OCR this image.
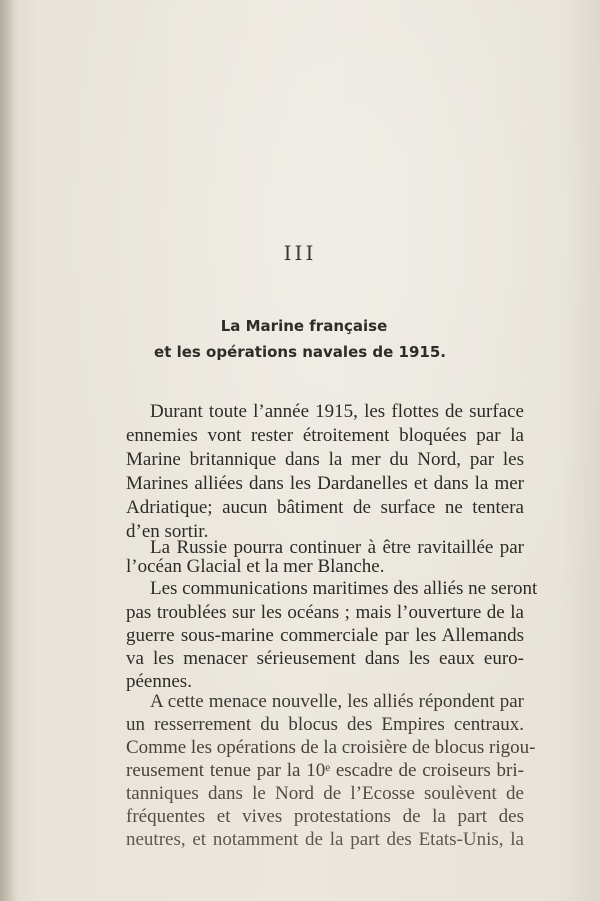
III
La Marine française
et les opérations navales de 1915.
Durant toute l’année 1915, les flottes de surface
ennemies vont rester étroitement bloquées par la
Marine britannique dans la mer du Nord, par les
Marines alliées dans les Dardanelles et dans la mer
Adriatique; aucun bâtiment de surface ne tentera
d’en sortir.
La Russie pourra continuer à être ravitaillée par
l’océan Glacial et la mer Blanche.
Les communications maritimes des alliés ne seront
pas troublées sur les océans ; mais l’ouverture de la
guerre sous-marine commerciale par les Allemands
va les menacer sérieusement dans les eaux euro-
péennes.
A cette menace nouvelle, les alliés répondent par
un resserrement du blocus des Empires centraux.
Comme les opérations de la croisière de blocus rigou-
reusement tenue par la 10ᵉ escadre de croiseurs bri-
tanniques dans le Nord de l’Ecosse soulèvent de
fréquentes et vives protestations de la part des
neutres, et notamment de la part des Etats-Unis, la
